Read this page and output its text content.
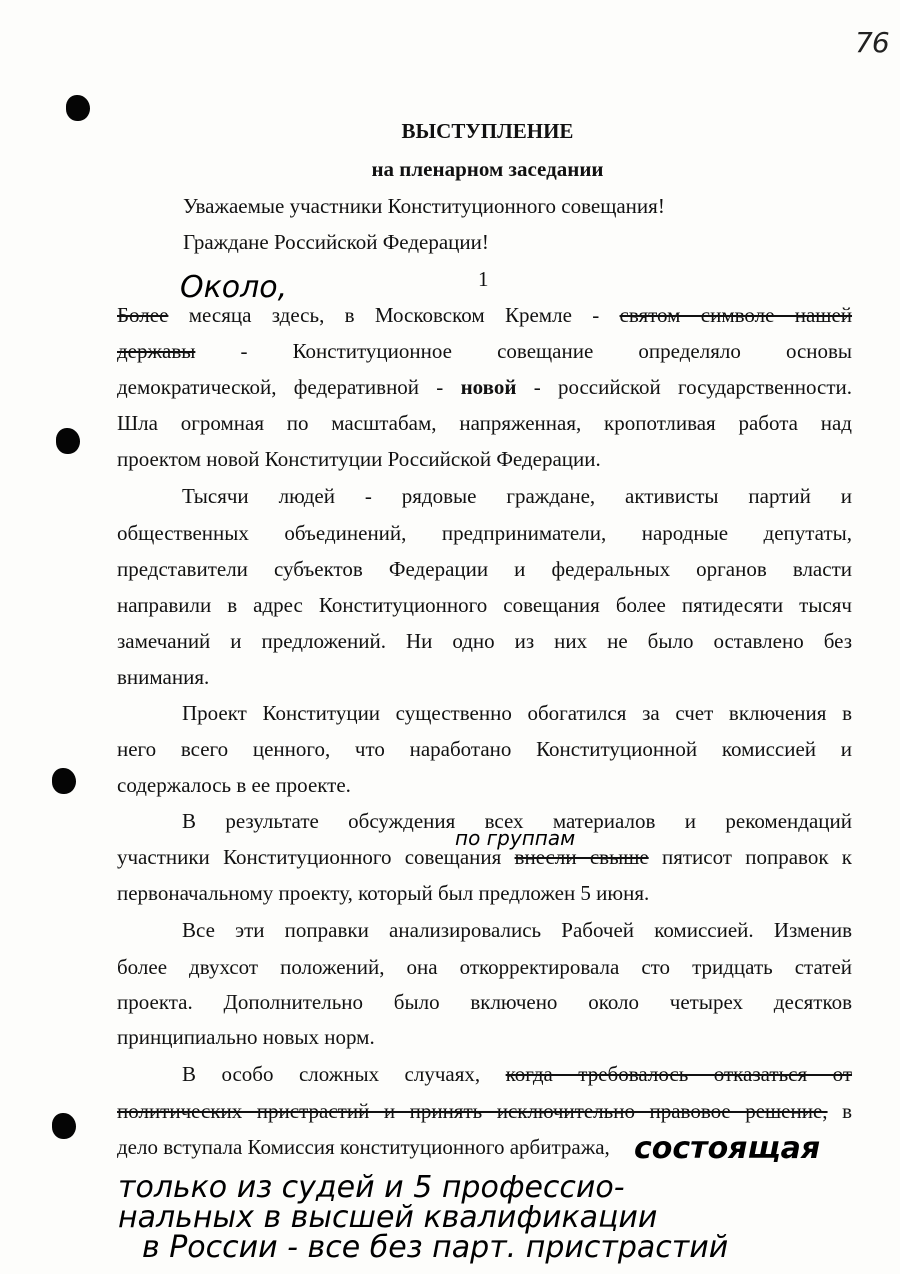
76
ВЫСТУПЛЕНИЕ
на пленарном заседании
Уважаемые участники Конституционного совещания!
Граждане Российской Федерации!
1
Около,
Более месяца здесь, в Московском Кремле - святом символе нашей
державы - Конституционное совещание определяло основы
демократической, федеративной - новой - российской государственности.
Шла огромная по масштабам, напряженная, кропотливая работа над
проектом новой Конституции Российской Федерации.
Тысячи людей - рядовые граждане, активисты партий и
общественных объединений, предприниматели, народные депутаты,
представители субъектов Федерации и федеральных органов власти
направили в адрес Конституционного совещания более пятидесяти тысяч
замечаний и предложений. Ни одно из них не было оставлено без
внимания.
Проект Конституции существенно обогатился за счет включения в
него всего ценного, что наработано Конституционной комиссией и
содержалось в ее проекте.
В результате обсуждения всех материалов и рекомендаций
по группам
участники Конституционного совещания внесли свыше пятисот поправок к
первоначальному проекту, который был предложен 5 июня.
Все эти поправки анализировались Рабочей комиссией. Изменив
более двухсот положений, она откорректировала сто тридцать статей
проекта. Дополнительно было включено около четырех десятков
принципиально новых норм.
В особо сложных случаях, когда требовалось отказаться от
политических пристрастий и принять исключительно правовое решение, в
дело вступала Комиссия конституционного арбитража, состоящая
только из судей и 5 профессио-
нальных в высшей квалификации
в России - все без парт. пристрастий
